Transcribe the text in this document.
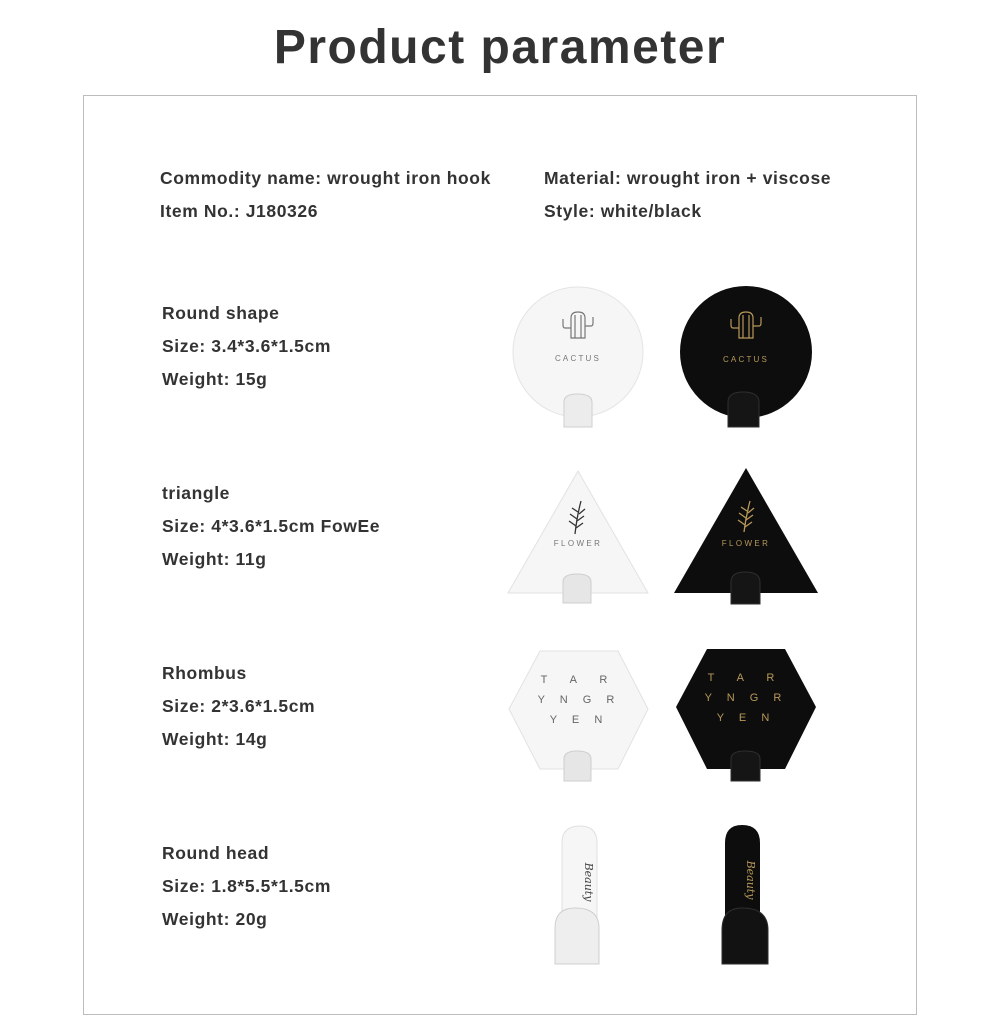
Product parameter
Commodity name: wrought iron hook	Material: wrought iron + viscose
Item No.: J180326	Style: white/black
Round shape
Size: 3.4*3.6*1.5cm
Weight: 15g
triangle
Size: 4*3.6*1.5cm FowEe
Weight: 11g
Rhombus
Size: 2*3.6*1.5cm
Weight: 14g
Round head
Size: 1.8*5.5*1.5cm
Weight: 20g
CACTUS	CACTUS
FLOWER	FLOWER
T A R
Y N G R
Y E N
T A R
Y N G R
Y E N
Beauty	Beauty
